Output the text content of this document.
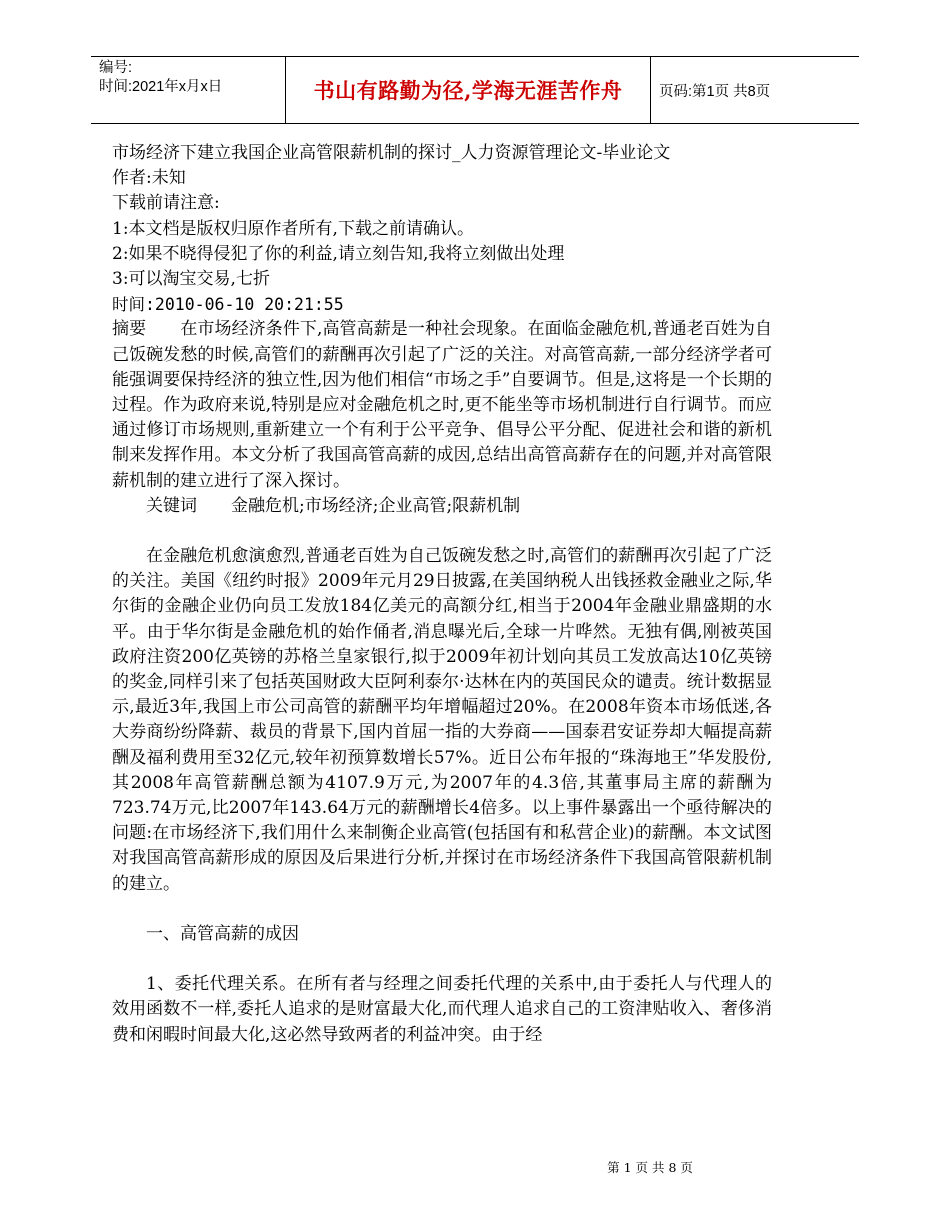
编号:
时间:2021年x月x日	书山有路勤为径,学海无涯苦作舟	页码:第1页 共8页

市场经济下建立我国企业高管限薪机制的探讨_人力资源管理论文-毕业论文

作者:未知

下载前请注意:

1:本文档是版权归原作者所有,下载之前请确认。

2:如果不晓得侵犯了你的利益,请立刻告知,我将立刻做出处理

3:可以淘宝交易,七折

时间:2010-06-10 20:21:55

摘要　　在市场经济条件下,高管高薪是一种社会现象。在面临金融危机,普通老百姓为自己饭碗发愁的时候,高管们的薪酬再次引起了广泛的关注。对高管高薪,一部分经济学者可能强调要保持经济的独立性,因为他们相信“市场之手”自要调节。但是,这将是一个长期的过程。作为政府来说,特别是应对金融危机之时,更不能坐等市场机制进行自行调节。而应通过修订市场规则,重新建立一个有利于公平竞争、倡导公平分配、促进社会和谐的新机制来发挥作用。本文分析了我国高管高薪的成因,总结出高管高薪存在的问题,并对高管限薪机制的建立进行了深入探讨。

关键词　　金融危机;市场经济;企业高管;限薪机制

在金融危机愈演愈烈,普通老百姓为自己饭碗发愁之时,高管们的薪酬再次引起了广泛的关注。美国《纽约时报》2009年元月29日披露,在美国纳税人出钱拯救金融业之际,华尔街的金融企业仍向员工发放184亿美元的高额分红,相当于2004年金融业鼎盛期的水平。由于华尔街是金融危机的始作俑者,消息曝光后,全球一片哗然。无独有偶,刚被英国政府注资200亿英镑的苏格兰皇家银行,拟于2009年初计划向其员工发放高达10亿英镑的奖金,同样引来了包括英国财政大臣阿利泰尔·达林在内的英国民众的谴责。统计数据显示,最近3年,我国上市公司高管的薪酬平均年增幅超过20%。在2008年资本市场低迷,各大券商纷纷降薪、裁员的背景下,国内首屈一指的大券商——国泰君安证券却大幅提高薪酬及福利费用至32亿元,较年初预算数增长57%。近日公布年报的“珠海地王”华发股份,其2008年高管薪酬总额为4107.9万元,为2007年的4.3倍,其董事局主席的薪酬为723.74万元,比2007年143.64万元的薪酬增长4倍多。以上事件暴露出一个亟待解决的问题:在市场经济下,我们用什么来制衡企业高管(包括国有和私营企业)的薪酬。本文试图对我国高管高薪形成的原因及后果进行分析,并探讨在市场经济条件下我国高管限薪机制的建立。

一、高管高薪的成因

1、委托代理关系。在所有者与经理之间委托代理的关系中,由于委托人与代理人的效用函数不一样,委托人追求的是财富最大化,而代理人追求自己的工资津贴收入、奢侈消费和闲暇时间最大化,这必然导致两者的利益冲突。由于经

第 1 页 共 8 页
